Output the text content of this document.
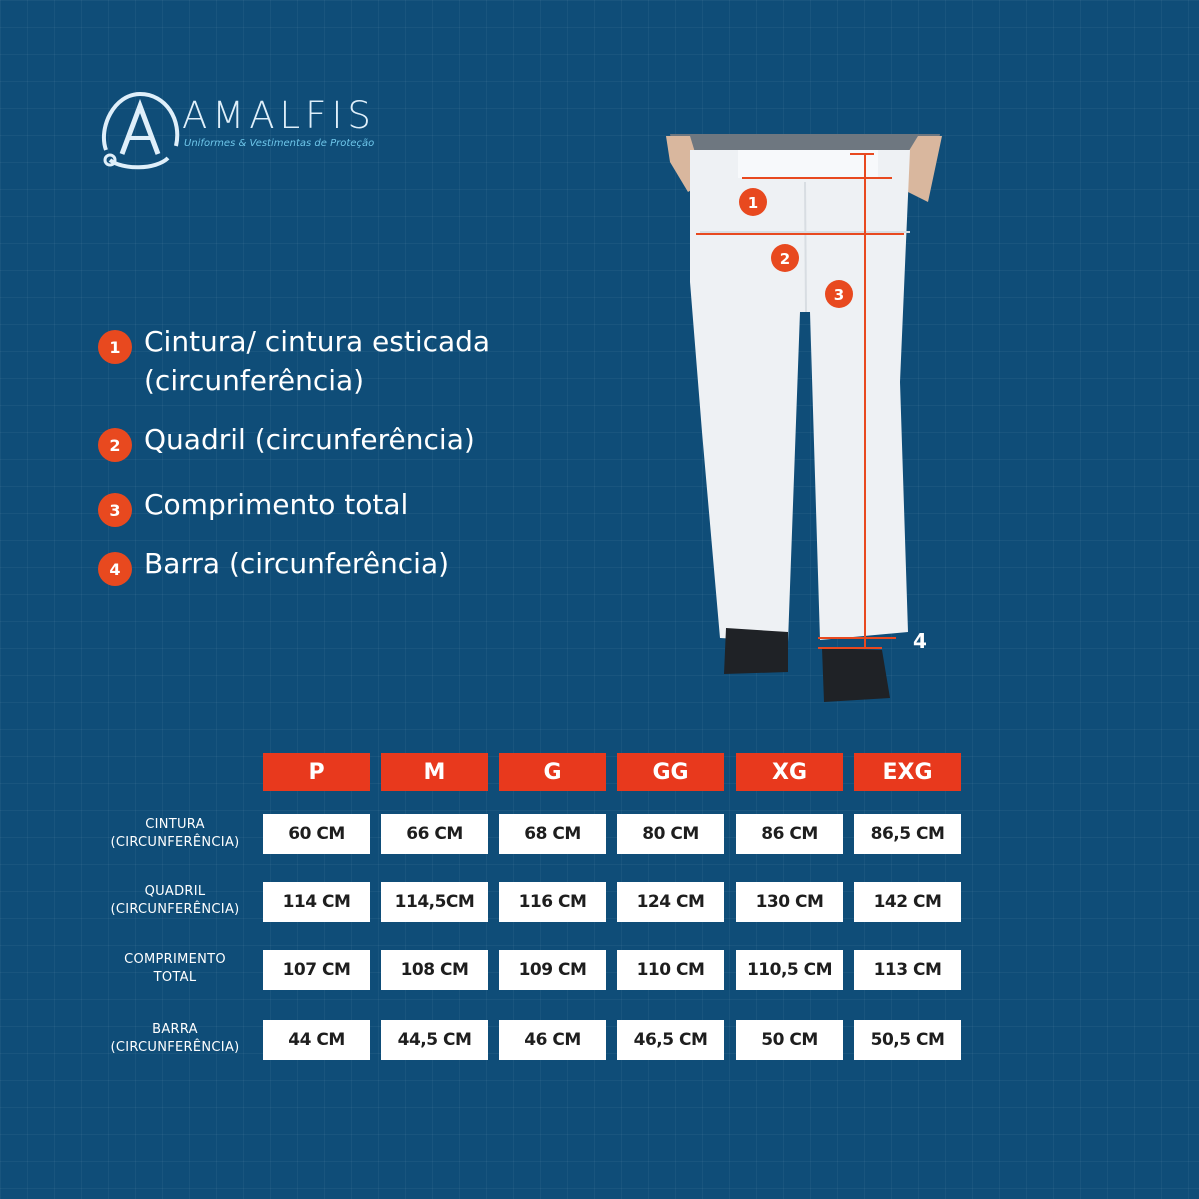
AMALFIS
Uniformes & Vestimentas de Proteção
1 Cintura/ cintura esticada (circunferência)
2 Quadril (circunferência)
3 Comprimento total
4 Barra (circunferência)
1
2
3
4
P	M	G	GG	XG	EXG
CINTURA
(CIRCUNFERÊNCIA)	60 CM	66 CM	68 CM	80 CM	86 CM	86,5 CM
QUADRIL
(CIRCUNFERÊNCIA)	114 CM	114,5CM	116 CM	124 CM	130 CM	142 CM
COMPRIMENTO
TOTAL	107 CM	108 CM	109 CM	110 CM	110,5 CM	113 CM
BARRA
(CIRCUNFERÊNCIA)	44 CM	44,5 CM	46 CM	46,5 CM	50 CM	50,5 CM
